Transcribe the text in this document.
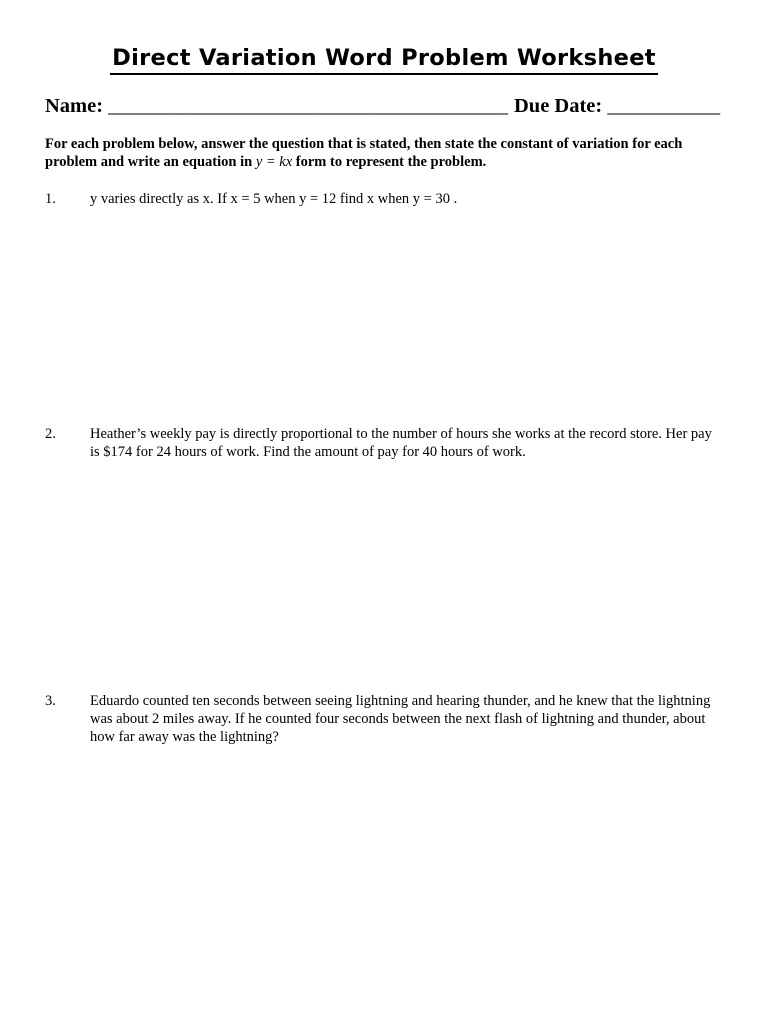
Direct Variation Word Problem Worksheet
Name: _______________________________________ Due Date: ___________
For each problem below, answer the question that is stated, then state the constant of variation for each problem and write an equation in y = kx form to represent the problem.
1. y varies directly as x. If x = 5 when y = 12 find x when y = 30 .
2. Heather’s weekly pay is directly proportional to the number of hours she works at the record store. Her pay is $174 for 24 hours of work. Find the amount of pay for 40 hours of work.
3. Eduardo counted ten seconds between seeing lightning and hearing thunder, and he knew that the lightning was about 2 miles away. If he counted four seconds between the next flash of lightning and thunder, about how far away was the lightning?
